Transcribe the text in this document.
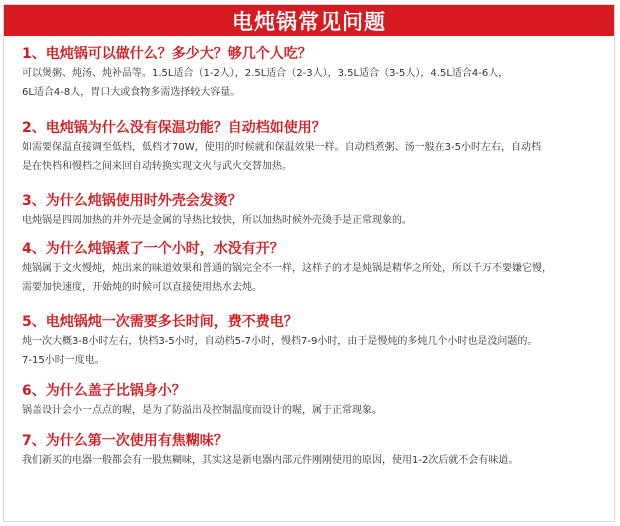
电炖锅常见问题
1、 电炖锅可以做什么？多少大？够几个人吃？
可以煲粥、炖汤、炖补品等。1.5L适合（1-2人），2.5L适合（2-3人），3.5L适合（3-5人），4.5L适合4-6人，
6L适合4-8人，胃口大或食物多需选择较大容量。
2、 电炖锅为什么没有保温功能？自动档如使用？
如需要保温直接调至低档，低档才70W，使用的时候就和保温效果一样。自动档煮粥、汤一般在3-5小时左右，自动档
是在快档和慢档之间来回自动转换实现文火与武火交替加热。
3、 为什么炖锅使用时外壳会发烫？
电炖锅是四周加热的并外壳是金属的导热比较快，所以加热时候外壳烫手是正常现象的。
4、 为什么炖锅煮了一个小时，水没有开？
炖锅属于文火慢炖，炖出来的味道效果和普通的锅完全不一样，这样子的才是炖锅是精华之所处，所以千万不要嫌它慢，
需要加快速度，开始炖的时候可以直接使用热水去炖。
5、 电炖锅炖一次需要多长时间，费不费电？
炖一次大概3-8小时左右，快档3-5小时，自动档5-7小时，慢档7-9小时，由于是慢炖的多炖几个小时也是没问题的。
7-15小时一度电。
6、 为什么盖子比锅身小？
锅盖设计会小一点点的喔，是为了防溢出及控制温度而设计的喔，属于正常现象。
7、 为什么第一次使用有焦糊味？
我们新买的电器一般都会有一股焦糊味，其实这是新电器内部元件刚刚使用的原因，使用1-2次后就不会有味道。
